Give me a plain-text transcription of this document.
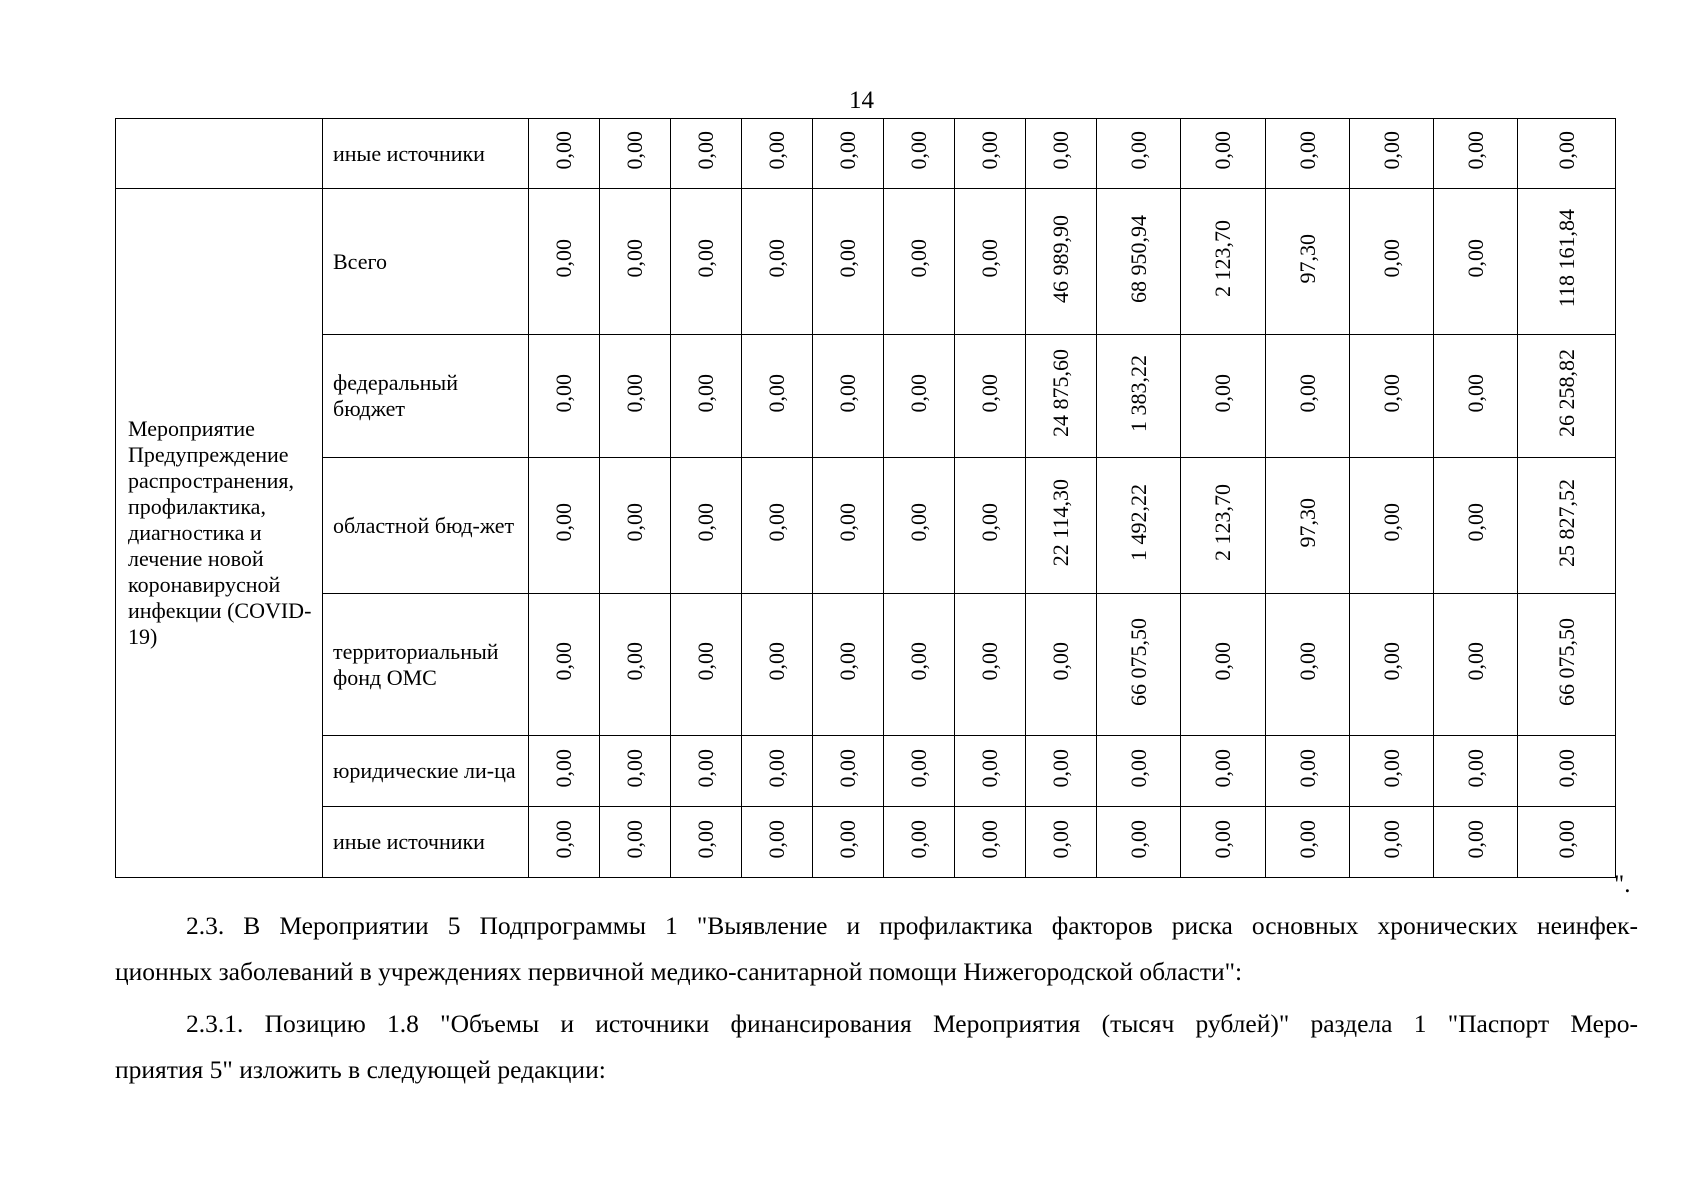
14
	иные источники	0,00	0,00	0,00	0,00	0,00	0,00	0,00	0,00	0,00	0,00	0,00	0,00	0,00	0,00
Мероприятие Предупреждение распространения, профилактика, диагностика и лечение новой коронавирусной инфекции (COVID-19)	Всего	0,00	0,00	0,00	0,00	0,00	0,00	0,00	46 989,90	68 950,94	2 123,70	97,30	0,00	0,00	118 161,84
	федеральный бюджет	0,00	0,00	0,00	0,00	0,00	0,00	0,00	24 875,60	1 383,22	0,00	0,00	0,00	0,00	26 258,82
	областной бюд-жет	0,00	0,00	0,00	0,00	0,00	0,00	0,00	22 114,30	1 492,22	2 123,70	97,30	0,00	0,00	25 827,52
	территориальный фонд ОМС	0,00	0,00	0,00	0,00	0,00	0,00	0,00	0,00	66 075,50	0,00	0,00	0,00	0,00	66 075,50
	юридические ли-ца	0,00	0,00	0,00	0,00	0,00	0,00	0,00	0,00	0,00	0,00	0,00	0,00	0,00	0,00
	иные источники	0,00	0,00	0,00	0,00	0,00	0,00	0,00	0,00	0,00	0,00	0,00	0,00	0,00	0,00
".
2.3. В Мероприятии 5 Подпрограммы 1 "Выявление и профилактика факторов риска основных хронических неинфек-
ционных заболеваний в учреждениях первичной медико-санитарной помощи Нижегородской области":
2.3.1. Позицию 1.8 "Объемы и источники финансирования Мероприятия (тысяч рублей)" раздела 1 "Паспорт Меро-
приятия 5" изложить в следующей редакции:
